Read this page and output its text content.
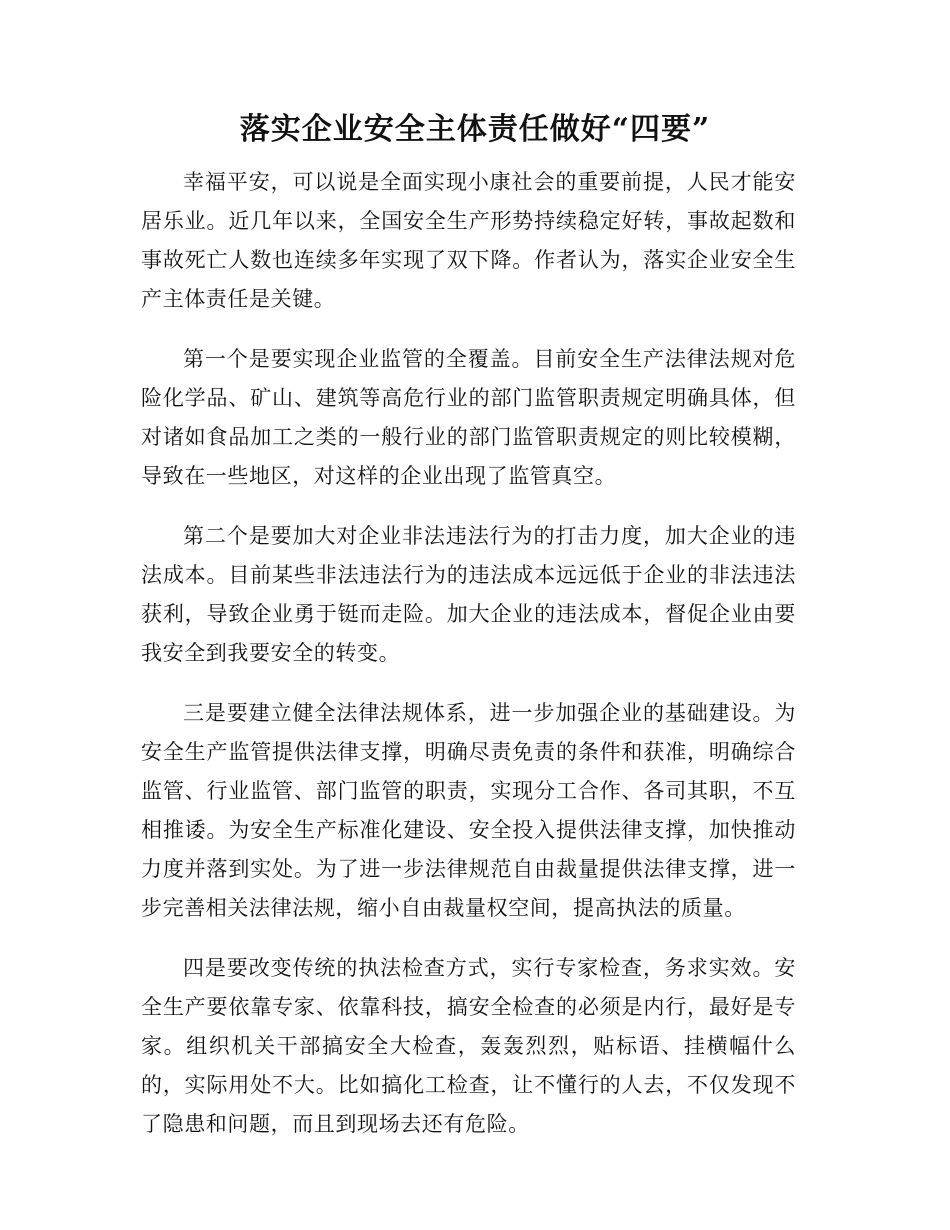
落实企业安全主体责任做好“四要”

幸福平安，可以说是全面实现小康社会的重要前提，人民才能安居乐业。近几年以来，全国安全生产形势持续稳定好转，事故起数和事故死亡人数也连续多年实现了双下降。作者认为，落实企业安全生产主体责任是关键。

第一个是要实现企业监管的全覆盖。目前安全生产法律法规对危险化学品、矿山、建筑等高危行业的部门监管职责规定明确具体，但对诸如食品加工之类的一般行业的部门监管职责规定的则比较模糊，导致在一些地区，对这样的企业出现了监管真空。

第二个是要加大对企业非法违法行为的打击力度，加大企业的违法成本。目前某些非法违法行为的违法成本远远低于企业的非法违法获利，导致企业勇于铤而走险。加大企业的违法成本，督促企业由要我安全到我要安全的转变。

三是要建立健全法律法规体系，进一步加强企业的基础建设。为安全生产监管提供法律支撑，明确尽责免责的条件和获准，明确综合监管、行业监管、部门监管的职责，实现分工合作、各司其职，不互相推诿。为安全生产标准化建设、安全投入提供法律支撑，加快推动力度并落到实处。为了进一步法律规范自由裁量提供法律支撑，进一步完善相关法律法规，缩小自由裁量权空间，提高执法的质量。

四是要改变传统的执法检查方式，实行专家检查，务求实效。安全生产要依靠专家、依靠科技，搞安全检查的必须是内行，最好是专家。组织机关干部搞安全大检查，轰轰烈烈，贴标语、挂横幅什么的，实际用处不大。比如搞化工检查，让不懂行的人去，不仅发现不了隐患和问题，而且到现场去还有危险。
